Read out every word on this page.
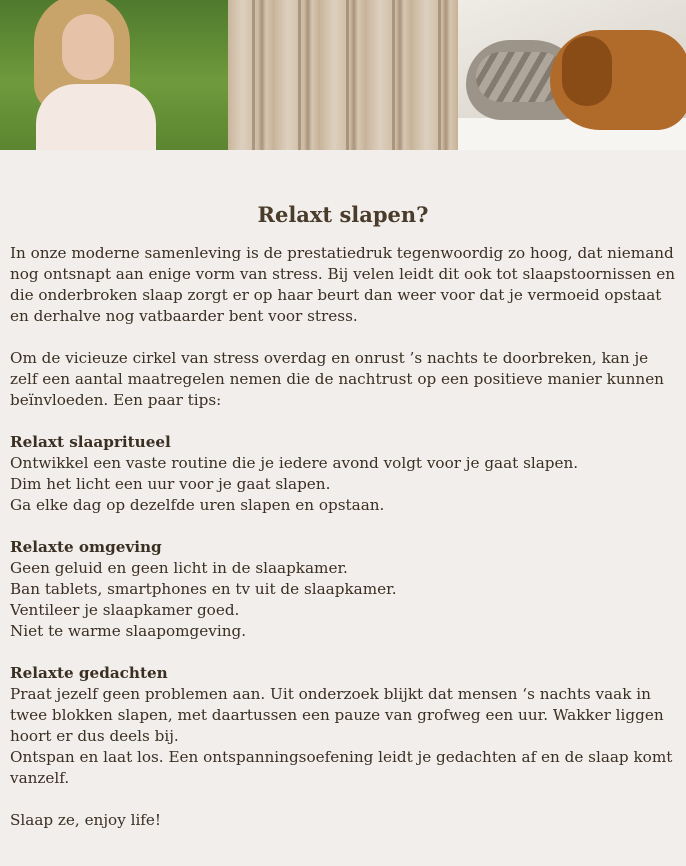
Relaxt slapen?

In onze moderne samenleving is de prestatiedruk tegenwoordig zo hoog, dat niemand nog ontsnapt aan enige vorm van stress. Bij velen leidt dit ook tot slaapstoornissen en die onderbroken slaap zorgt er op haar beurt dan weer voor dat je vermoeid opstaat en derhalve nog vatbaarder bent voor stress.

Om de vicieuze cirkel van stress overdag en onrust ’s nachts te doorbreken, kan je zelf een aantal maatregelen nemen die de nachtrust op een positieve manier kunnen beïnvloeden. Een paar tips:

Relaxt slaapritueel
Ontwikkel een vaste routine die je iedere avond volgt voor je gaat slapen.
Dim het licht een uur voor je gaat slapen.
Ga elke dag op dezelfde uren slapen en opstaan.

Relaxte omgeving
Geen geluid en geen licht in de slaapkamer.
Ban tablets, smartphones en tv uit de slaapkamer.
Ventileer je slaapkamer goed.
Niet te warme slaapomgeving.

Relaxte gedachten
Praat jezelf geen problemen aan. Uit onderzoek blijkt dat mensen ‘s nachts vaak in twee blokken slapen, met daartussen een pauze van grofweg een uur. Wakker liggen hoort er dus deels bij.
Ontspan en laat los. Een ontspanningsoefening leidt je gedachten af en de slaap komt vanzelf.

Slaap ze, enjoy life!
